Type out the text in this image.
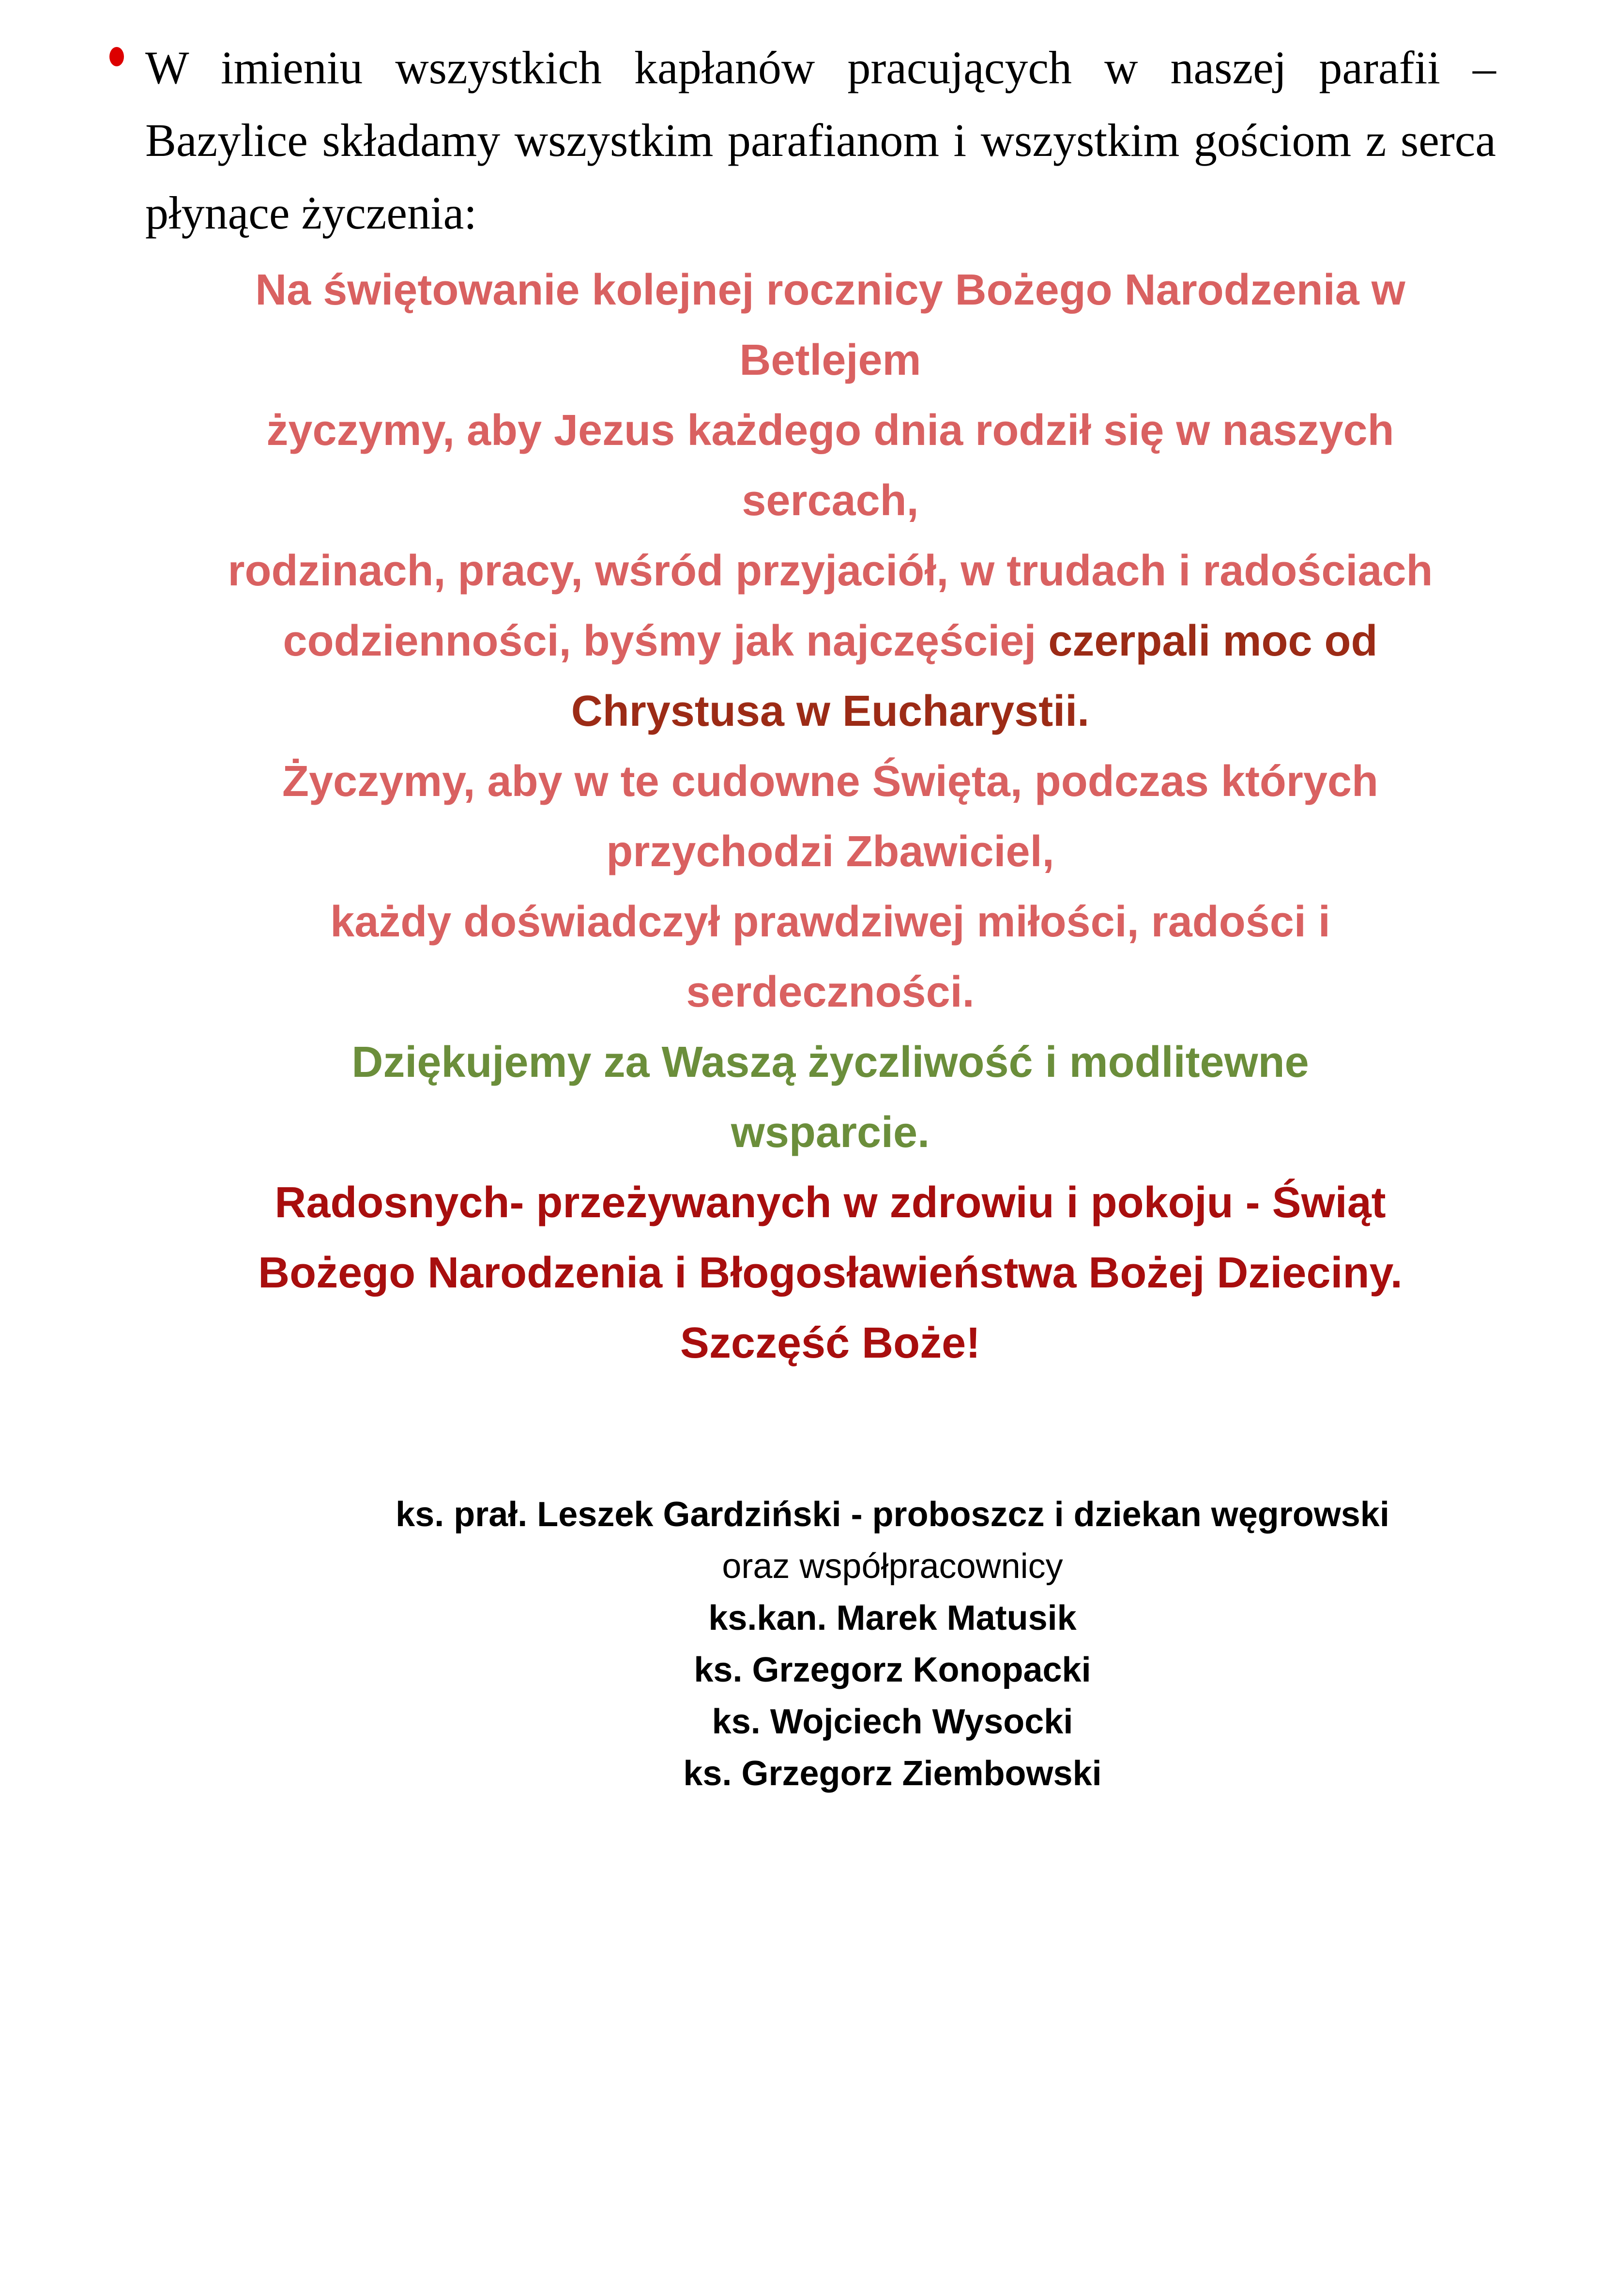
W imieniu wszystkich kapłanów pracujących w naszej parafii – Bazylice składamy wszystkim parafianom i wszystkim gościom z serca płynące życzenia:
Na świętowanie kolejnej rocznicy Bożego Narodzenia w
Betlejem
życzymy, aby Jezus każdego dnia rodził się w naszych
sercach,
rodzinach, pracy, wśród przyjaciół, w trudach i radościach
codzienności, byśmy jak najczęściej czerpali moc od
Chrystusa w Eucharystii.
Życzymy, aby w te cudowne Święta, podczas których
przychodzi Zbawiciel,
każdy doświadczył prawdziwej miłości, radości i
serdeczności.
Dziękujemy za Waszą życzliwość i modlitewne
wsparcie.
Radosnych- przeżywanych w zdrowiu i pokoju - Świąt
Bożego Narodzenia i Błogosławieństwa Bożej Dzieciny.
Szczęść Boże!
ks. prał. Leszek Gardziński - proboszcz i dziekan węgrowski
oraz współpracownicy
ks.kan. Marek Matusik
ks. Grzegorz Konopacki
ks. Wojciech Wysocki
ks. Grzegorz Ziembowski
